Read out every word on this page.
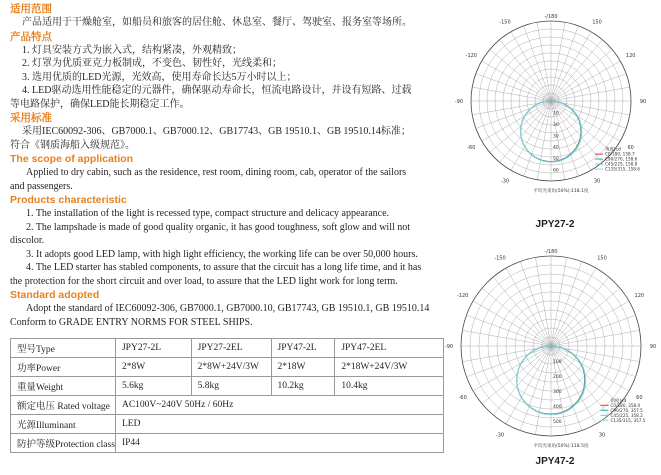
适用范围

产品适用于干燥舱室，如船员和旅客的居住舱、休息室、餐厅、驾驶室、报务室等场所。

产品特点

1. 灯具安装方式为嵌入式，结构紧凑，外观精致；

2. 灯罩为优质亚克力板制成，不变色、韧性好，光线柔和；

3. 选用优质的LED光源，光效高，使用寿命长达5万小时以上；

4. LED驱动选用性能稳定的元器件，确保驱动寿命长，恒流电路设计，并设有短路、过载

等电路保护，确保LED能长期稳定工作。

采用标准

采用IEC60092-306、GB7000.1、GB7000.12、GB17743、GB 19510.1、GB 19510.14标准；

符合《钢质海船入级规范》。

The scope of application

Applied to dry cabin, such as the residence, rest room, dining room, cab, operator of the sailors

and passengers.

Products characteristic

1. The installation of the light is recessed type, compact structure and delicacy appearance.

2. The lampshade is made of good quality organic, it has good toughness, soft glow and will not

discolor.

3. It adopts good LED lamp, with high light efficiency, the working life can be over 50,000 hours.

4. The LED starter has stabled components, to assure that the circuit has a long life time, and it has

the protection for the short circuit and over load, to assure that the LED light work for long term.

Standard adopted

Adopt the standard of IEC60092-306, GB7000.1, GB7000.10, GB17743, GB 19510.1, GB 19510.14

Conform to GRADE ENTRY NORMS FOR STEEL SHIPS.

型号Type	JPY27-2L	JPY27-2EL	JPY47-2L	JPY47-2EL
功率Power	2*8W	2*8W+24V/3W	2*18W	2*18W+24V/3W
重量Weight	5.6kg	5.8kg	10.2kg	10.4kg
额定电压 Rated voltage	AC100V~240V 50Hz / 60Hz			
光源Illuminant	LED			
防护等级Protection class	IP44			
-/180
150
120
90
60
30
-150
-120
-90
-60
-30
10
20
30
40
50
60
角度|cd
C0/180, 158.7
C90/270, 158.6
C45/225, 158.8
C135/315, 158.6
平均光束角(50%):118.1度
JPY27-2
-/180
150
120
90
60
30
-150
-120
-90
-60
-30
100
200
300
400
500
角度|cd
C0/180, 358.0
C90/270, 357.5
C45/225, 358.2
C135/315, 357.5
平均光束角(50%):118.5度
JPY47-2
